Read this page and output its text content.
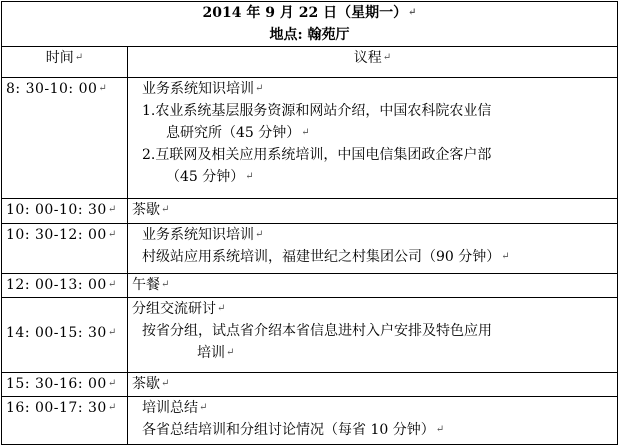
2014 年 9 月 22 日（星期一）↵
地点: 翰苑厅	

时间↵	议程↵
8: 30-10: 00↵	业务系统知识培训↵
1.农业系统基层服务资源和网站介绍，中国农科院农业信
息研究所（45 分钟）↵
2.互联网及相关应用系统培训，中国电信集团政企客户部
（45 分钟）↵

10: 00-10: 30↵	茶歇↵
10: 30-12: 00↵	业务系统知识培训↵
村级站应用系统培训，福建世纪之村集团公司（90 分钟）↵

12: 00-13: 00↵	午餐↵
14: 00-15: 30↵	分组交流研讨↵
按省分组，试点省介绍本省信息进村入户安排及特色应用
培训↵

15: 30-16: 00↵	茶歇↵
16: 00-17: 30↵	培训总结↵
各省总结培训和分组讨论情况（每省 10 分钟）↵
